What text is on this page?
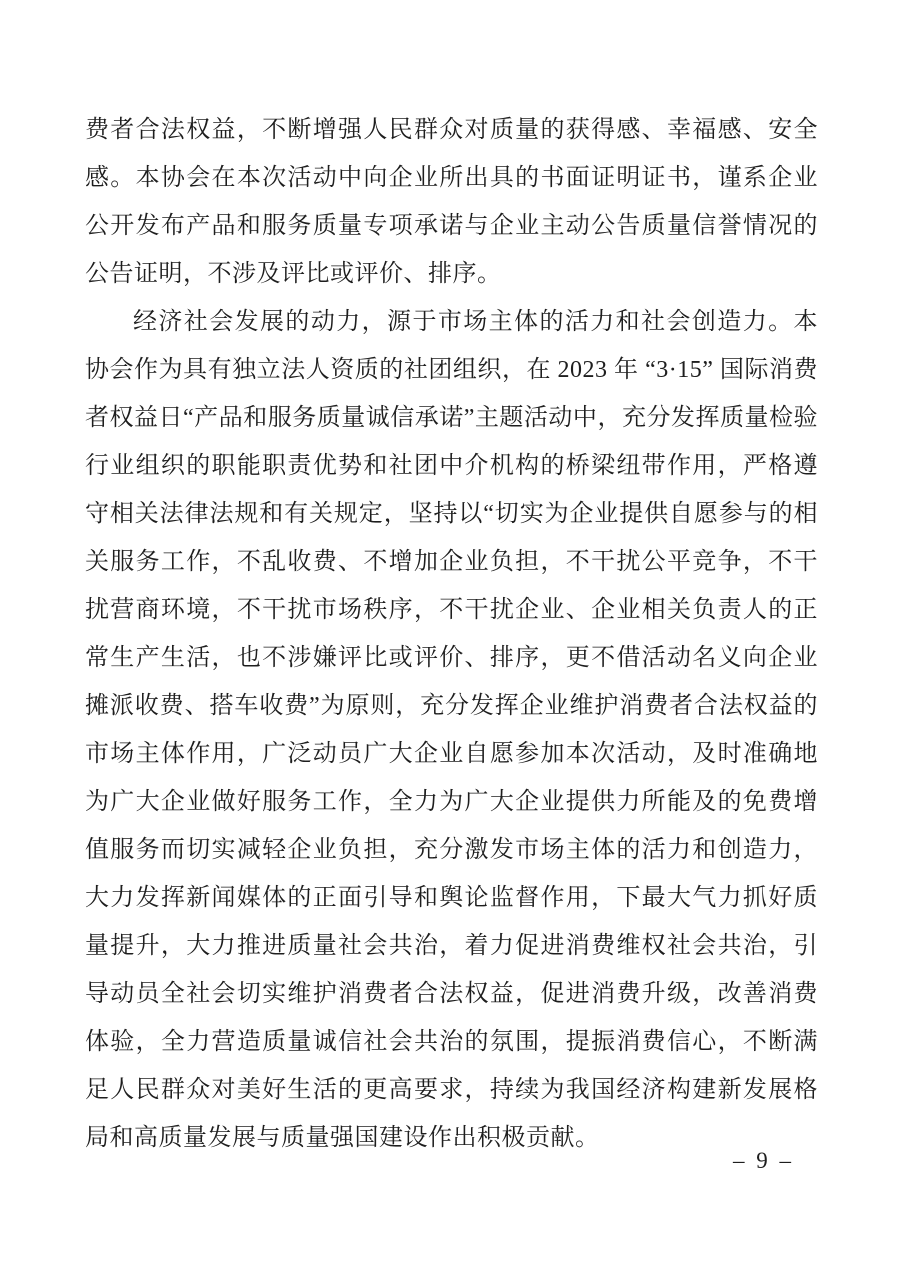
费者合法权益，不断增强人民群众对质量的获得感、幸福感、安全感。本协会在本次活动中向企业所出具的书面证明证书，谨系企业公开发布产品和服务质量专项承诺与企业主动公告质量信誉情况的公告证明，不涉及评比或评价、排序。

经济社会发展的动力，源于市场主体的活力和社会创造力。本协会作为具有独立法人资质的社团组织，在 2023 年 “3·15” 国际消费者权益日“产品和服务质量诚信承诺”主题活动中，充分发挥质量检验行业组织的职能职责优势和社团中介机构的桥梁纽带作用，严格遵守相关法律法规和有关规定，坚持以“切实为企业提供自愿参与的相关服务工作，不乱收费、不增加企业负担，不干扰公平竞争，不干扰营商环境，不干扰市场秩序，不干扰企业、企业相关负责人的正常生产生活，也不涉嫌评比或评价、排序，更不借活动名义向企业摊派收费、搭车收费”为原则，充分发挥企业维护消费者合法权益的市场主体作用，广泛动员广大企业自愿参加本次活动，及时准确地为广大企业做好服务工作，全力为广大企业提供力所能及的免费增值服务而切实减轻企业负担，充分激发市场主体的活力和创造力，大力发挥新闻媒体的正面引导和舆论监督作用，下最大气力抓好质量提升，大力推进质量社会共治，着力促进消费维权社会共治，引导动员全社会切实维护消费者合法权益，促进消费升级，改善消费体验，全力营造质量诚信社会共治的氛围，提振消费信心，不断满足人民群众对美好生活的更高要求，持续为我国经济构建新发展格局和高质量发展与质量强国建设作出积极贡献。

– 9 –
